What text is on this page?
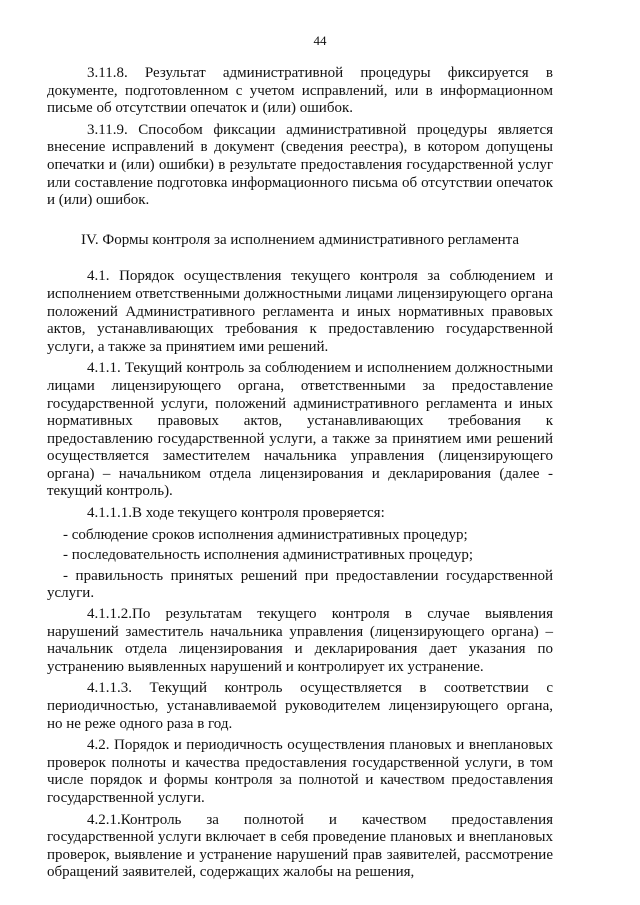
44

3.11.8. Результат административной процедуры фиксируется в документе, подготовленном с учетом исправлений, или в информационном письме об отсутствии опечаток и (или) ошибок.

3.11.9. Способом фиксации административной процедуры является внесение исправлений в документ (сведения реестра), в котором допущены опечатки и (или) ошибки) в результате предоставления государственной услуг или составление подготовка информационного письма об отсутствии опечаток и (или) ошибок.

IV. Формы контроля за исполнением административного регламента

4.1. Порядок осуществления текущего контроля за соблюдением и исполнением ответственными должностными лицами лицензирующего органа положений Административного регламента и иных нормативных правовых актов, устанавливающих требования к предоставлению государственной услуги, а также за принятием ими решений.

4.1.1. Текущий контроль за соблюдением и исполнением должностными лицами лицензирующего органа, ответственными за предоставление государственной услуги, положений административного регламента и иных нормативных правовых актов, устанавливающих требования к предоставлению государственной услуги, а также за принятием ими решений осуществляется заместителем начальника управления (лицензирующего органа) – начальником отдела лицензирования и декларирования (далее - текущий контроль).

4.1.1.1.В ходе текущего контроля проверяется:

- соблюдение сроков исполнения административных процедур;

- последовательность исполнения административных процедур;

- правильность принятых решений при предоставлении государственной услуги.

4.1.1.2.По результатам текущего контроля в случае выявления нарушений заместитель начальника управления (лицензирующего органа) – начальник отдела лицензирования и декларирования дает указания по устранению выявленных нарушений и контролирует их устранение.

4.1.1.3. Текущий контроль осуществляется в соответствии с периодичностью, устанавливаемой руководителем лицензирующего органа, но не реже одного раза в год.

4.2. Порядок и периодичность осуществления плановых и внеплановых проверок полноты и качества предоставления государственной услуги, в том числе порядок и формы контроля за полнотой и качеством предоставления государственной услуги.

4.2.1.Контроль за полнотой и качеством предоставления государственной услуги включает в себя проведение плановых и внеплановых проверок, выявление и устранение нарушений прав заявителей, рассмотрение обращений заявителей, содержащих жалобы на решения,
